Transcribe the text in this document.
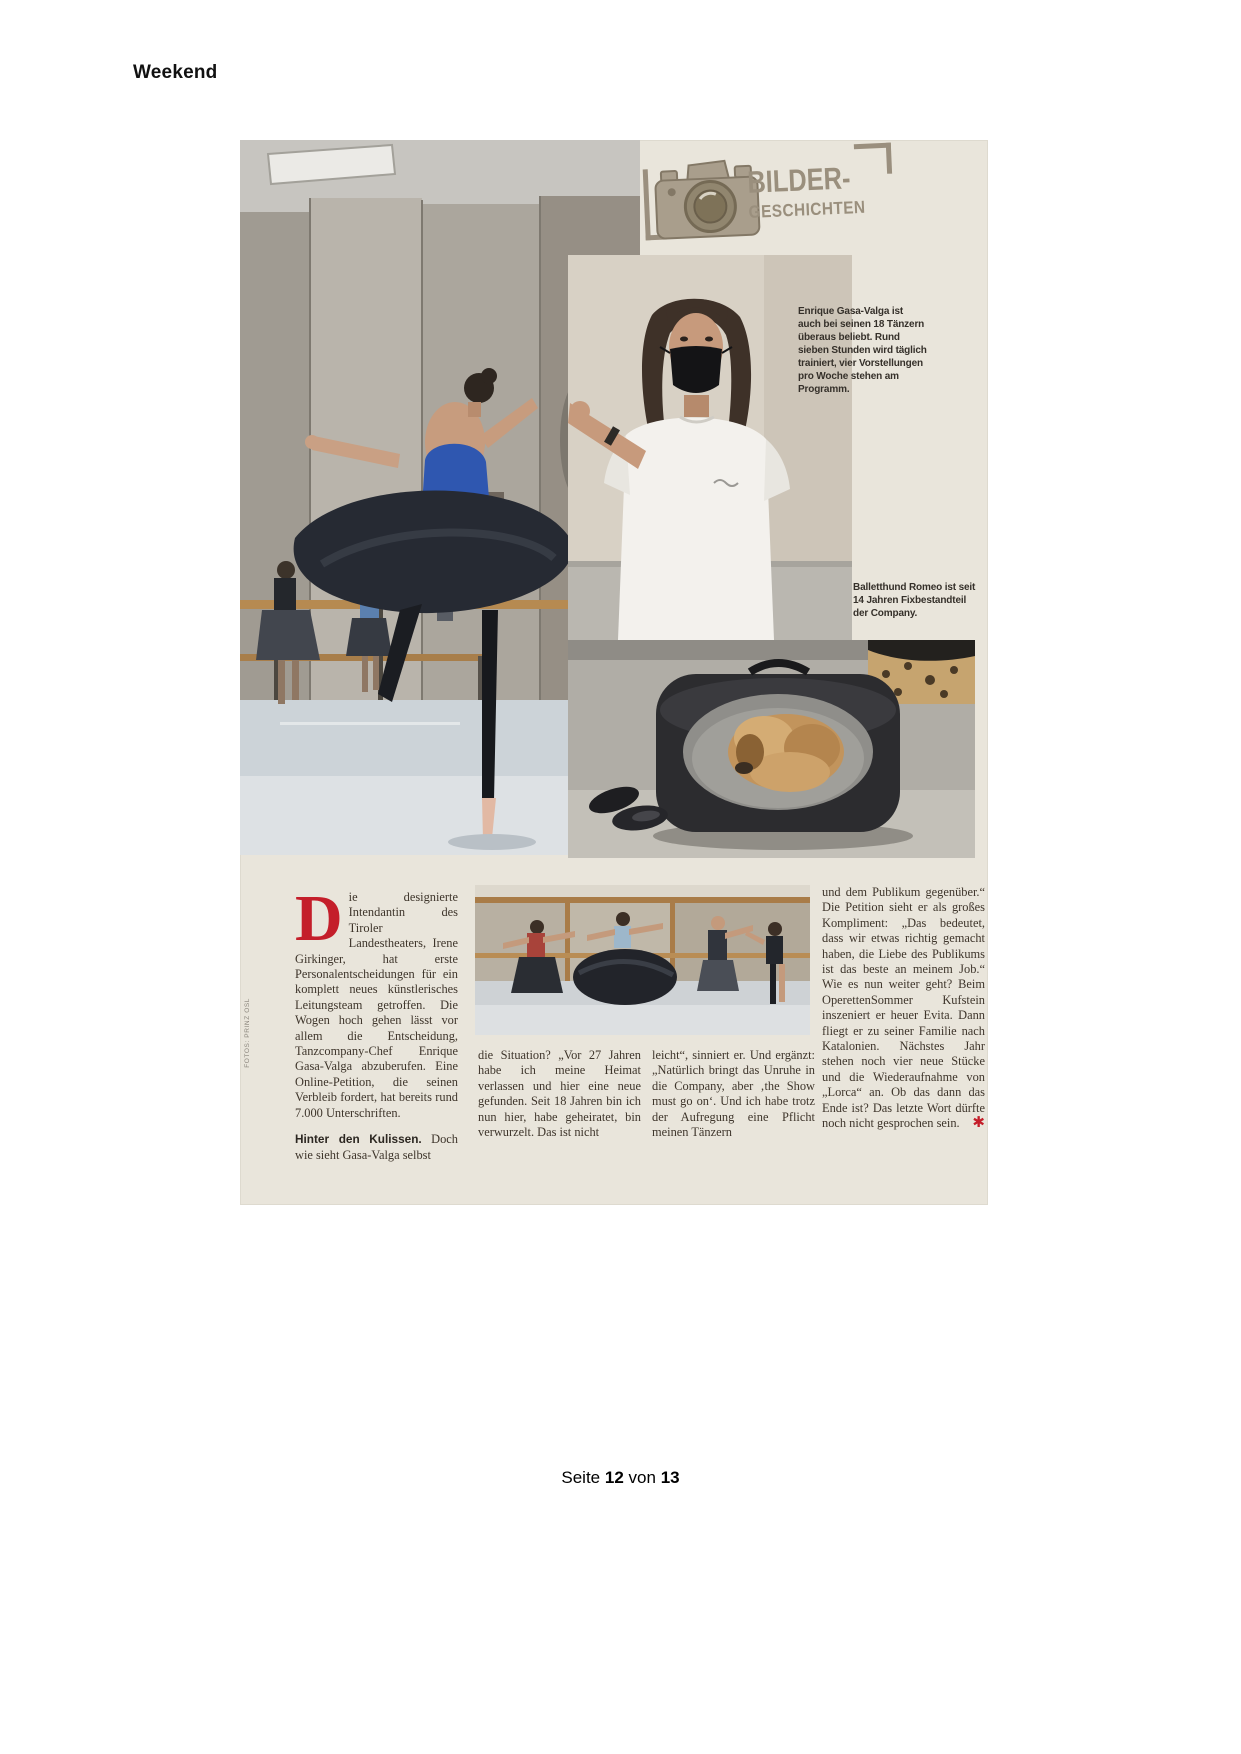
Weekend
BILDER-
GESCHICHTEN
Enrique Gasa-Valga ist auch bei seinen 18 Tänzern überaus beliebt. Rund sieben Stunden wird täglich trainiert, vier Vorstellungen pro Woche stehen am Programm.
Balletthund Romeo ist seit 14 Jahren Fixbestandteil der Company.
Die designierte Intendantin des Tiroler Landestheaters, Irene Girkinger, hat erste Personalentscheidungen für ein komplett neues künstlerisches Leitungsteam getroffen. Die Wogen hoch gehen lässt vor allem die Entscheidung, Tanzcompany-Chef Enrique Gasa-Valga abzuberufen. Eine Online-Petition, die seinen Verbleib fordert, hat bereits rund 7.000 Unterschriften.

Hinter den Kulissen. Doch wie sieht Gasa-Valga selbst

die Situation? „Vor 27 Jahren habe ich meine Heimat verlassen und hier eine neue gefunden. Seit 18 Jahren bin ich nun hier, habe geheiratet, bin verwurzelt. Das ist nicht
leicht“, sinniert er. Und ergänzt: „Natürlich bringt das Unruhe in die Company, aber ‚the Show must go on‘. Und ich habe trotz der Aufregung eine Pflicht meinen Tänzern
und dem Publikum gegenüber.“ Die Petition sieht er als großes Kompliment: „Das bedeutet, dass wir etwas richtig gemacht haben, die Liebe des Publikums ist das beste an meinem Job.“ Wie es nun weiter geht? Beim OperettenSommer Kufstein inszeniert er heuer Evita. Dann fliegt er zu seiner Familie nach Katalonien. Nächstes Jahr stehen noch vier neue Stücke und die Wiederaufnahme von „Lorca“ an. Ob das dann das Ende ist? Das letzte Wort dürfte noch nicht gesprochen sein. ✱
FOTOS: PRINZ OSL
Seite 12 von 13
